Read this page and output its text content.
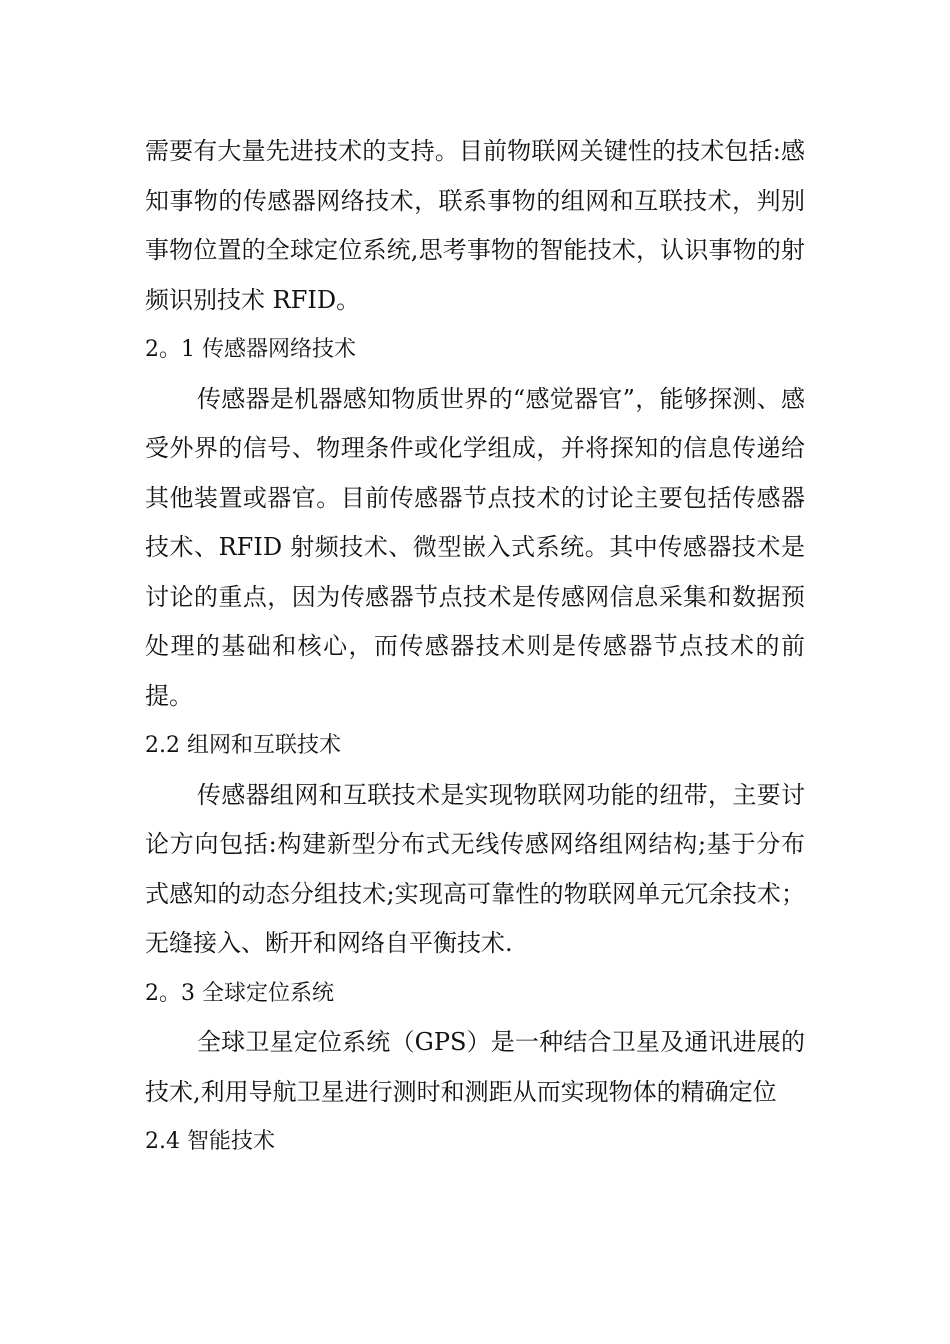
需要有大量先进技术的支持。目前物联网关键性的技术包括:感知事物的传感器网络技术，联系事物的组网和互联技术，判别事物位置的全球定位系统,思考事物的智能技术，认识事物的射频识别技术 RFID。

2。1 传感器网络技术

传感器是机器感知物质世界的“感觉器官”，能够探测、感受外界的信号、物理条件或化学组成，并将探知的信息传递给其他装置或器官。目前传感器节点技术的讨论主要包括传感器技术、RFID 射频技术、微型嵌入式系统。其中传感器技术是讨论的重点，因为传感器节点技术是传感网信息采集和数据预处理的基础和核心，而传感器技术则是传感器节点技术的前提。

2.2 组网和互联技术

传感器组网和互联技术是实现物联网功能的纽带，主要讨论方向包括:构建新型分布式无线传感网络组网结构;基于分布式感知的动态分组技术;实现高可靠性的物联网单元冗余技术；无缝接入、断开和网络自平衡技术.

2。3 全球定位系统

全球卫星定位系统（GPS）是一种结合卫星及通讯进展的技术,利用导航卫星进行测时和测距从而实现物体的精确定位

2.4 智能技术
